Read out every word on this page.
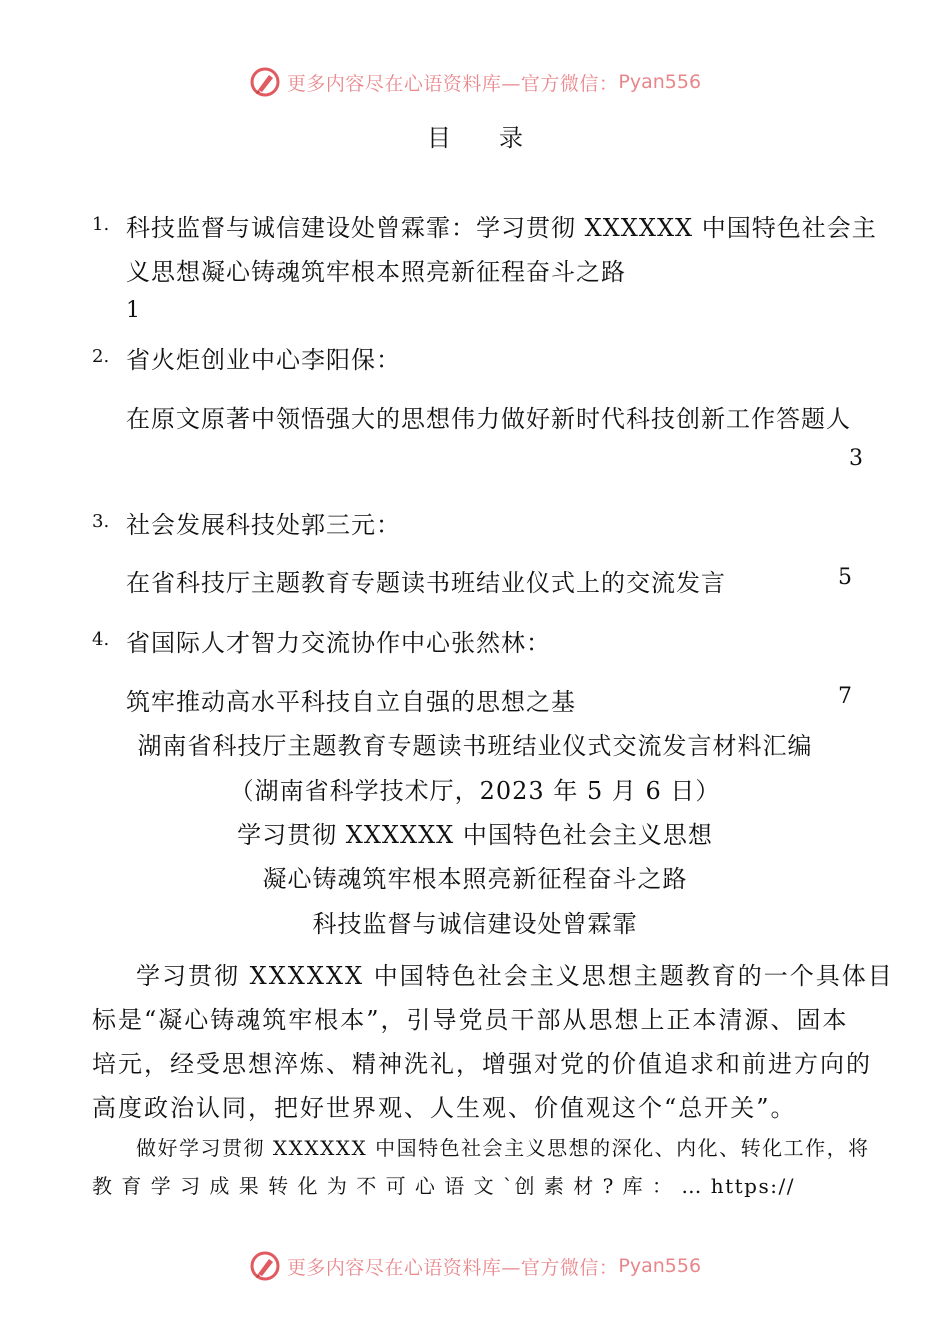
更多内容尽在心语资料库—官方微信： Pyan556
目 录
1. 科技监督与诚信建设处曾霖霏：学习贯彻 XXXXXX 中国特色社会主
义思想凝心铸魂筑牢根本照亮新征程奋斗之路
1
2. 省火炬创业中心李阳保：
在原文原著中领悟强大的思想伟力做好新时代科技创新工作答题人
3
3. 社会发展科技处郭三元：
在省科技厅主题教育专题读书班结业仪式上的交流发言	5
4. 省国际人才智力交流协作中心张然林：
筑牢推动高水平科技自立自强的思想之基	7
湖南省科技厅主题教育专题读书班结业仪式交流发言材料汇编
（湖南省科学技术厅，2023 年 5 月 6 日）
学习贯彻 XXXXXX 中国特色社会主义思想
凝心铸魂筑牢根本照亮新征程奋斗之路
科技监督与诚信建设处曾霖霏
学习贯彻 XXXXXX 中国特色社会主义思想主题教育的一个具体目
标是“凝心铸魂筑牢根本”，引导党员干部从思想上正本清源、固本
培元，经受思想淬炼、精神洗礼，增强对党的价值追求和前进方向的
高度政治认同，把好世界观、人生观、价值观这个“总开关”。
做好学习贯彻 XXXXXX 中国特色社会主义思想的深化、内化、转化工作，将
教 育 学 习 成 果 转 化 为 不 可 心 语 文 `创 素 材 ? 库 ： … https://
更多内容尽在心语资料库—官方微信： Pyan556
